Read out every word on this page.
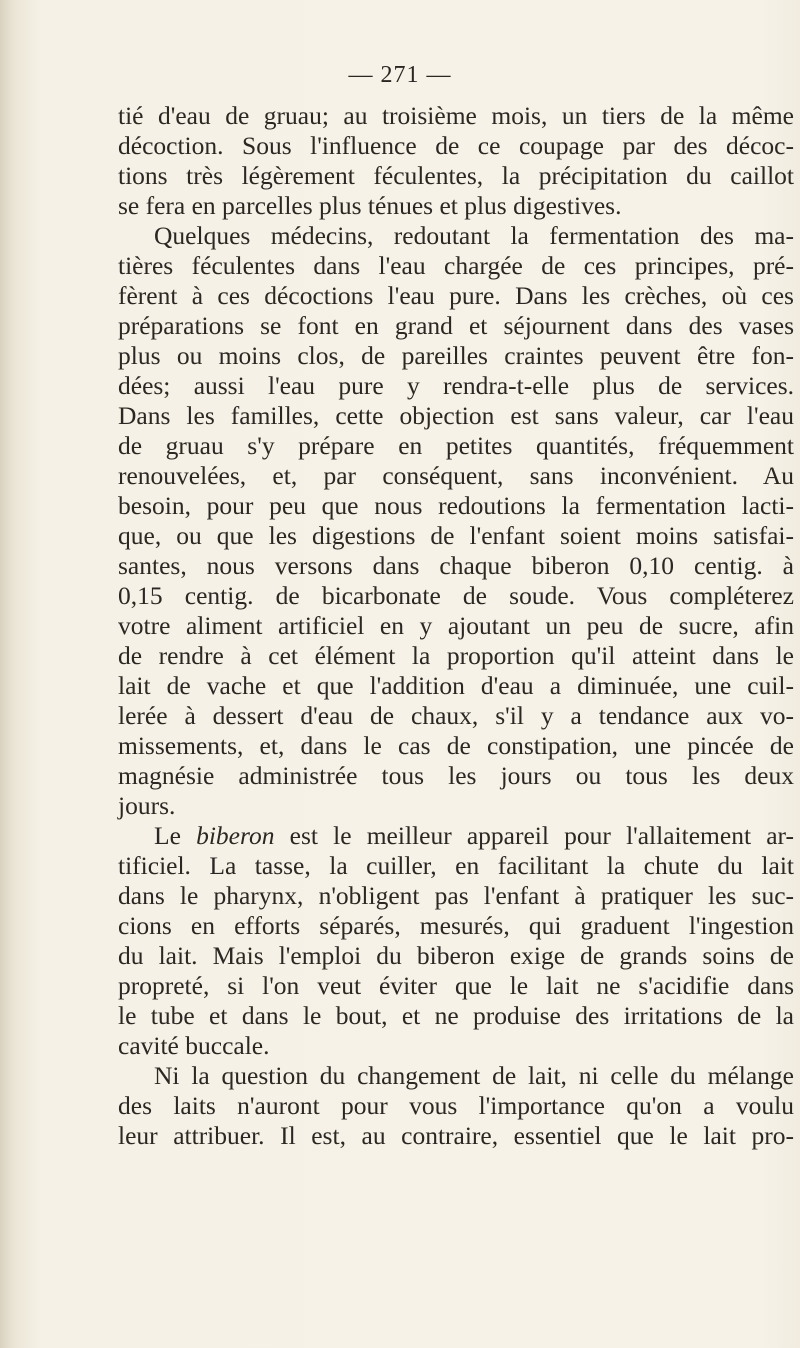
— 271 —
tié d'eau de gruau; au troisième mois, un tiers de la même
décoction. Sous l'influence de ce coupage par des décoc-
tions très légèrement féculentes, la précipitation du caillot
se fera en parcelles plus ténues et plus digestives.
Quelques médecins, redoutant la fermentation des ma-
tières féculentes dans l'eau chargée de ces principes, pré-
fèrent à ces décoctions l'eau pure. Dans les crèches, où ces
préparations se font en grand et séjournent dans des vases
plus ou moins clos, de pareilles craintes peuvent être fon-
dées; aussi l'eau pure y rendra-t-elle plus de services.
Dans les familles, cette objection est sans valeur, car l'eau
de gruau s'y prépare en petites quantités, fréquemment
renouvelées, et, par conséquent, sans inconvénient. Au
besoin, pour peu que nous redoutions la fermentation lacti-
que, ou que les digestions de l'enfant soient moins satisfai-
santes, nous versons dans chaque biberon 0,10 centig. à
0,15 centig. de bicarbonate de soude. Vous compléterez
votre aliment artificiel en y ajoutant un peu de sucre, afin
de rendre à cet élément la proportion qu'il atteint dans le
lait de vache et que l'addition d'eau a diminuée, une cuil-
lerée à dessert d'eau de chaux, s'il y a tendance aux vo-
missements, et, dans le cas de constipation, une pincée de
magnésie administrée tous les jours ou tous les deux
jours.
Le biberon est le meilleur appareil pour l'allaitement ar-
tificiel. La tasse, la cuiller, en facilitant la chute du lait
dans le pharynx, n'obligent pas l'enfant à pratiquer les suc-
cions en efforts séparés, mesurés, qui graduent l'ingestion
du lait. Mais l'emploi du biberon exige de grands soins de
propreté, si l'on veut éviter que le lait ne s'acidifie dans
le tube et dans le bout, et ne produise des irritations de la
cavité buccale.
Ni la question du changement de lait, ni celle du mélange
des laits n'auront pour vous l'importance qu'on a voulu
leur attribuer. Il est, au contraire, essentiel que le lait pro-
